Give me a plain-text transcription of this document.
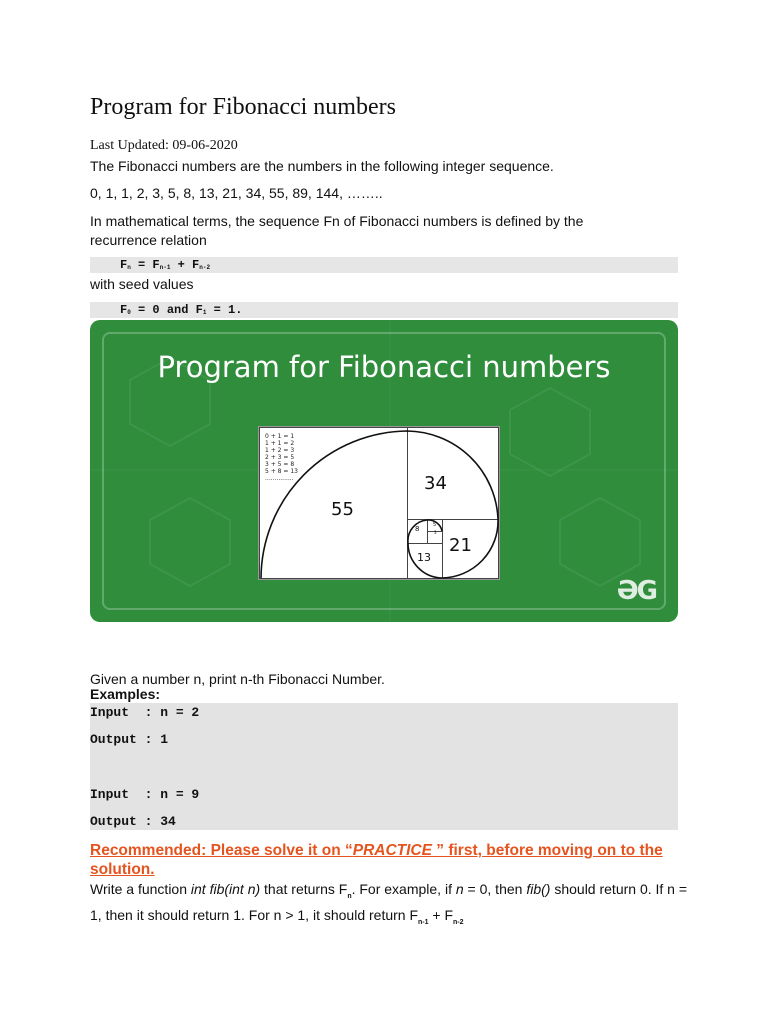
Program for Fibonacci numbers
Last Updated: 09-06-2020
The Fibonacci numbers are the numbers in the following integer sequence.
0, 1, 1, 2, 3, 5, 8, 13, 21, 34, 55, 89, 144, ……..
In mathematical terms, the sequence Fn of Fibonacci numbers is defined by the
recurrence relation

$F_n = F_{n-1} + F_{n-2}$

with seed values

$F_0 = 0$ and $F_1 = 1$.

Program for Fibonacci numbers
0 + 1 = 1
1 + 1 = 2
1 + 2 = 3
2 + 3 = 5
3 + 5 = 8
5 + 8 = 13
...............
55
34
21
13
8	5
3
ƏG
Given a number n, print n-th Fibonacci Number.
Examples:

Input  : n = 2

Output : 1

Input  : n = 9

Output : 34

Recommended: Please solve it on “PRACTICE ” first, before moving on to the solution.
Write a function int fib(int n) that returns $F_n$. For example, if n = 0, then fib() should return 0. If n = 1, then it should return 1. For n > 1, it should return $F_{n-1} + F_{n-2}$
